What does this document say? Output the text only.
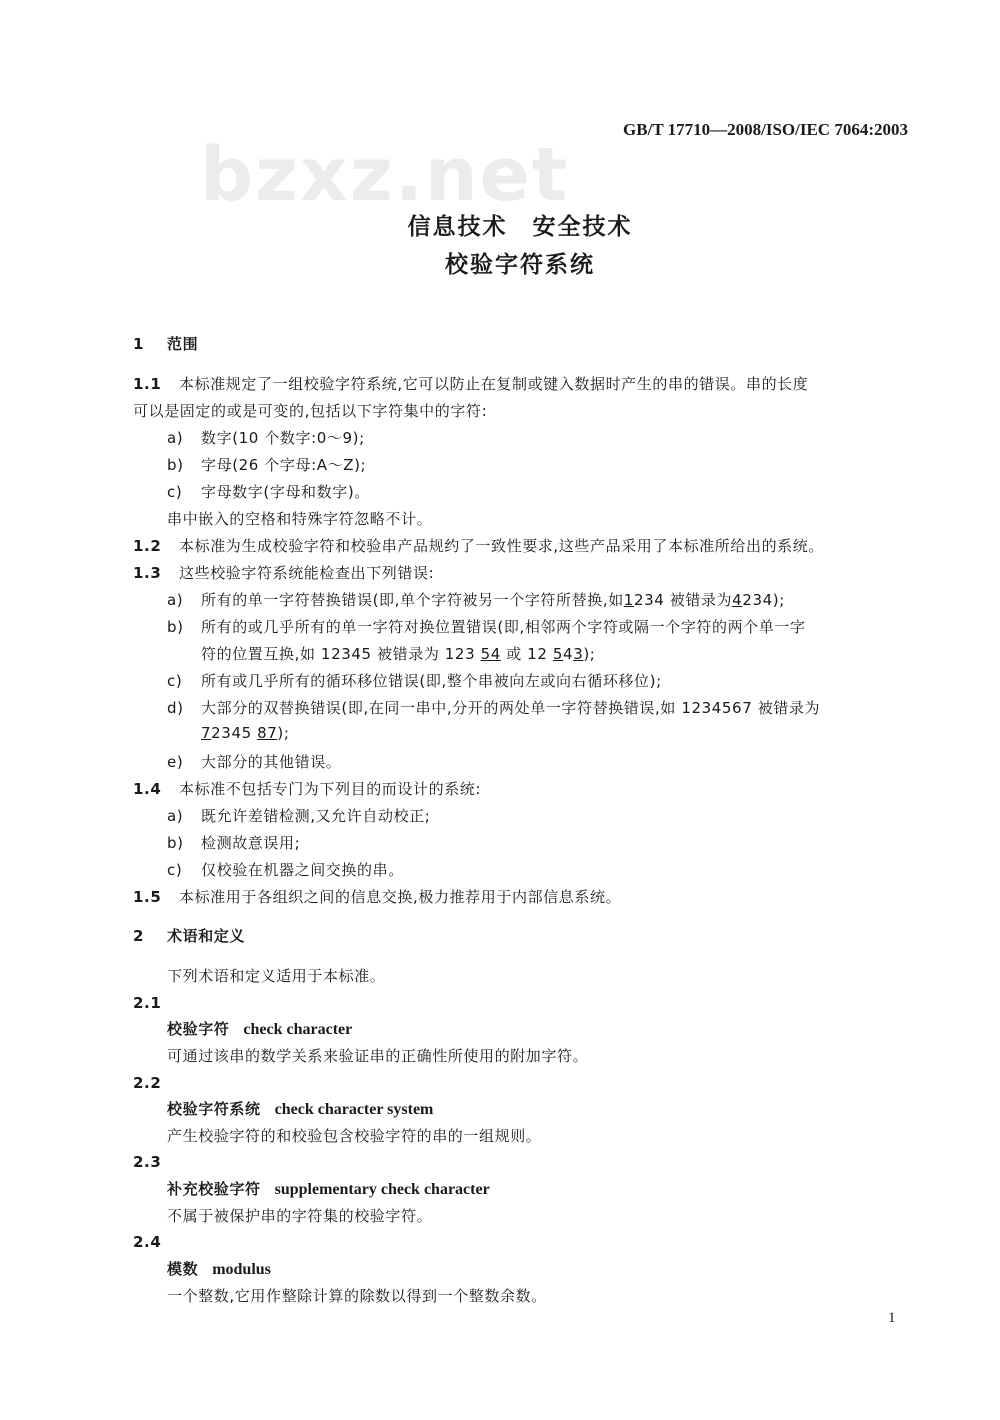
GB/T 17710—2008/ISO/IEC 7064:2003
bzxz.net
信息技术　安全技术
校验字符系统
1 范围
1.1 本标准规定了一组校验字符系统,它可以防止在复制或键入数据时产生的串的错误。串的长度
可以是固定的或是可变的,包括以下字符集中的字符:
a) 数字(10 个数字:0～9);
b) 字母(26 个字母:A～Z);
c) 字母数字(字母和数字)。
串中嵌入的空格和特殊字符忽略不计。
1.2 本标准为生成校验字符和校验串产品规约了一致性要求,这些产品采用了本标准所给出的系统。
1.3 这些校验字符系统能检查出下列错误:
a) 所有的单一字符替换错误(即,单个字符被另一个字符所替换,如1234 被错录为4234);
b) 所有的或几乎所有的单一字符对换位置错误(即,相邻两个字符或隔一个字符的两个单一字
符的位置互换,如 12345 被错录为 123 54 或 12 543);
c) 所有或几乎所有的循环移位错误(即,整个串被向左或向右循环移位);
d) 大部分的双替换错误(即,在同一串中,分开的两处单一字符替换错误,如 1234567 被错录为
72345 87);
e) 大部分的其他错误。
1.4 本标准不包括专门为下列目的而设计的系统:
a) 既允许差错检测,又允许自动校正;
b) 检测故意误用;
c) 仅校验在机器之间交换的串。
1.5 本标准用于各组织之间的信息交换,极力推荐用于内部信息系统。
2 术语和定义
下列术语和定义适用于本标准。
2.1
校验字符 check character
可通过该串的数学关系来验证串的正确性所使用的附加字符。
2.2
校验字符系统 check character system
产生校验字符的和校验包含校验字符的串的一组规则。
2.3
补充校验字符 supplementary check character
不属于被保护串的字符集的校验字符。
2.4
模数 modulus
一个整数,它用作整除计算的除数以得到一个整数余数。
1
